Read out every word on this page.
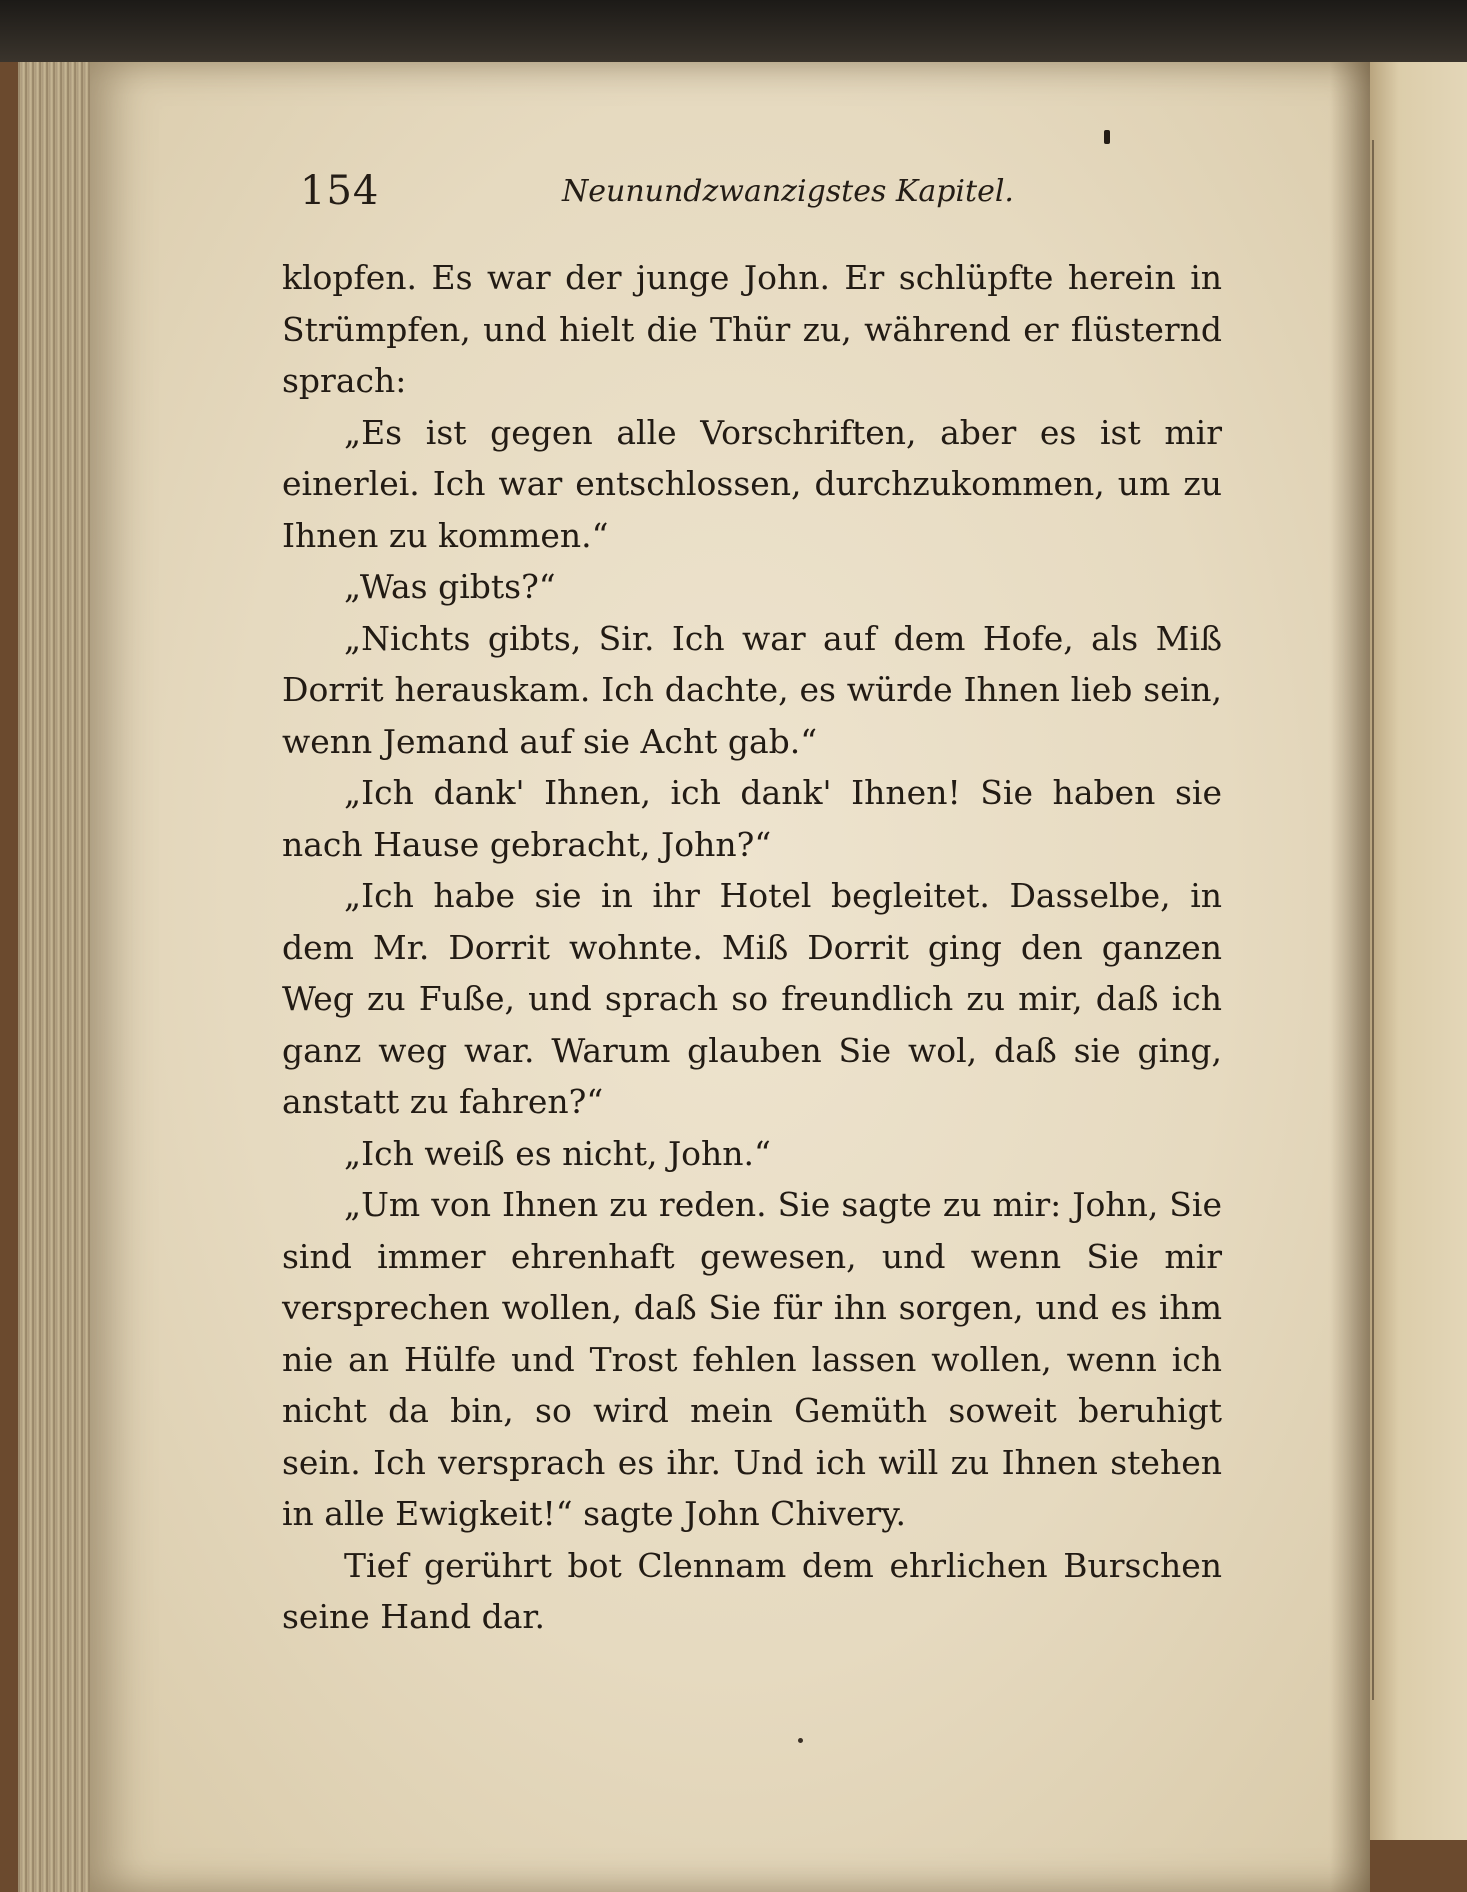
154	Neunundzwanzigstes Kapitel.

klopfen. Es war der junge John. Er schlüpfte herein in Strümpfen, und hielt die Thür zu, während er flüsternd sprach:

„Es ist gegen alle Vorschriften, aber es ist mir einerlei. Ich war entschlossen, durchzukommen, um zu Ihnen zu kommen.“

„Was gibts?“

„Nichts gibts, Sir. Ich war auf dem Hofe, als Miß Dorrit herauskam. Ich dachte, es würde Ihnen lieb sein, wenn Jemand auf sie Acht gab.“

„Ich dank' Ihnen, ich dank' Ihnen! Sie haben sie nach Hause gebracht, John?“

„Ich habe sie in ihr Hotel begleitet. Dasselbe, in dem Mr. Dorrit wohnte. Miß Dorrit ging den ganzen Weg zu Fuße, und sprach so freundlich zu mir, daß ich ganz weg war. Warum glauben Sie wol, daß sie ging, anstatt zu fahren?“

„Ich weiß es nicht, John.“

„Um von Ihnen zu reden. Sie sagte zu mir: John, Sie sind immer ehrenhaft gewesen, und wenn Sie mir versprechen wollen, daß Sie für ihn sorgen, und es ihm nie an Hülfe und Trost fehlen lassen wollen, wenn ich nicht da bin, so wird mein Gemüth soweit beruhigt sein. Ich versprach es ihr. Und ich will zu Ihnen stehen in alle Ewigkeit!“ sagte John Chivery.

Tief gerührt bot Clennam dem ehrlichen Burschen seine Hand dar.
